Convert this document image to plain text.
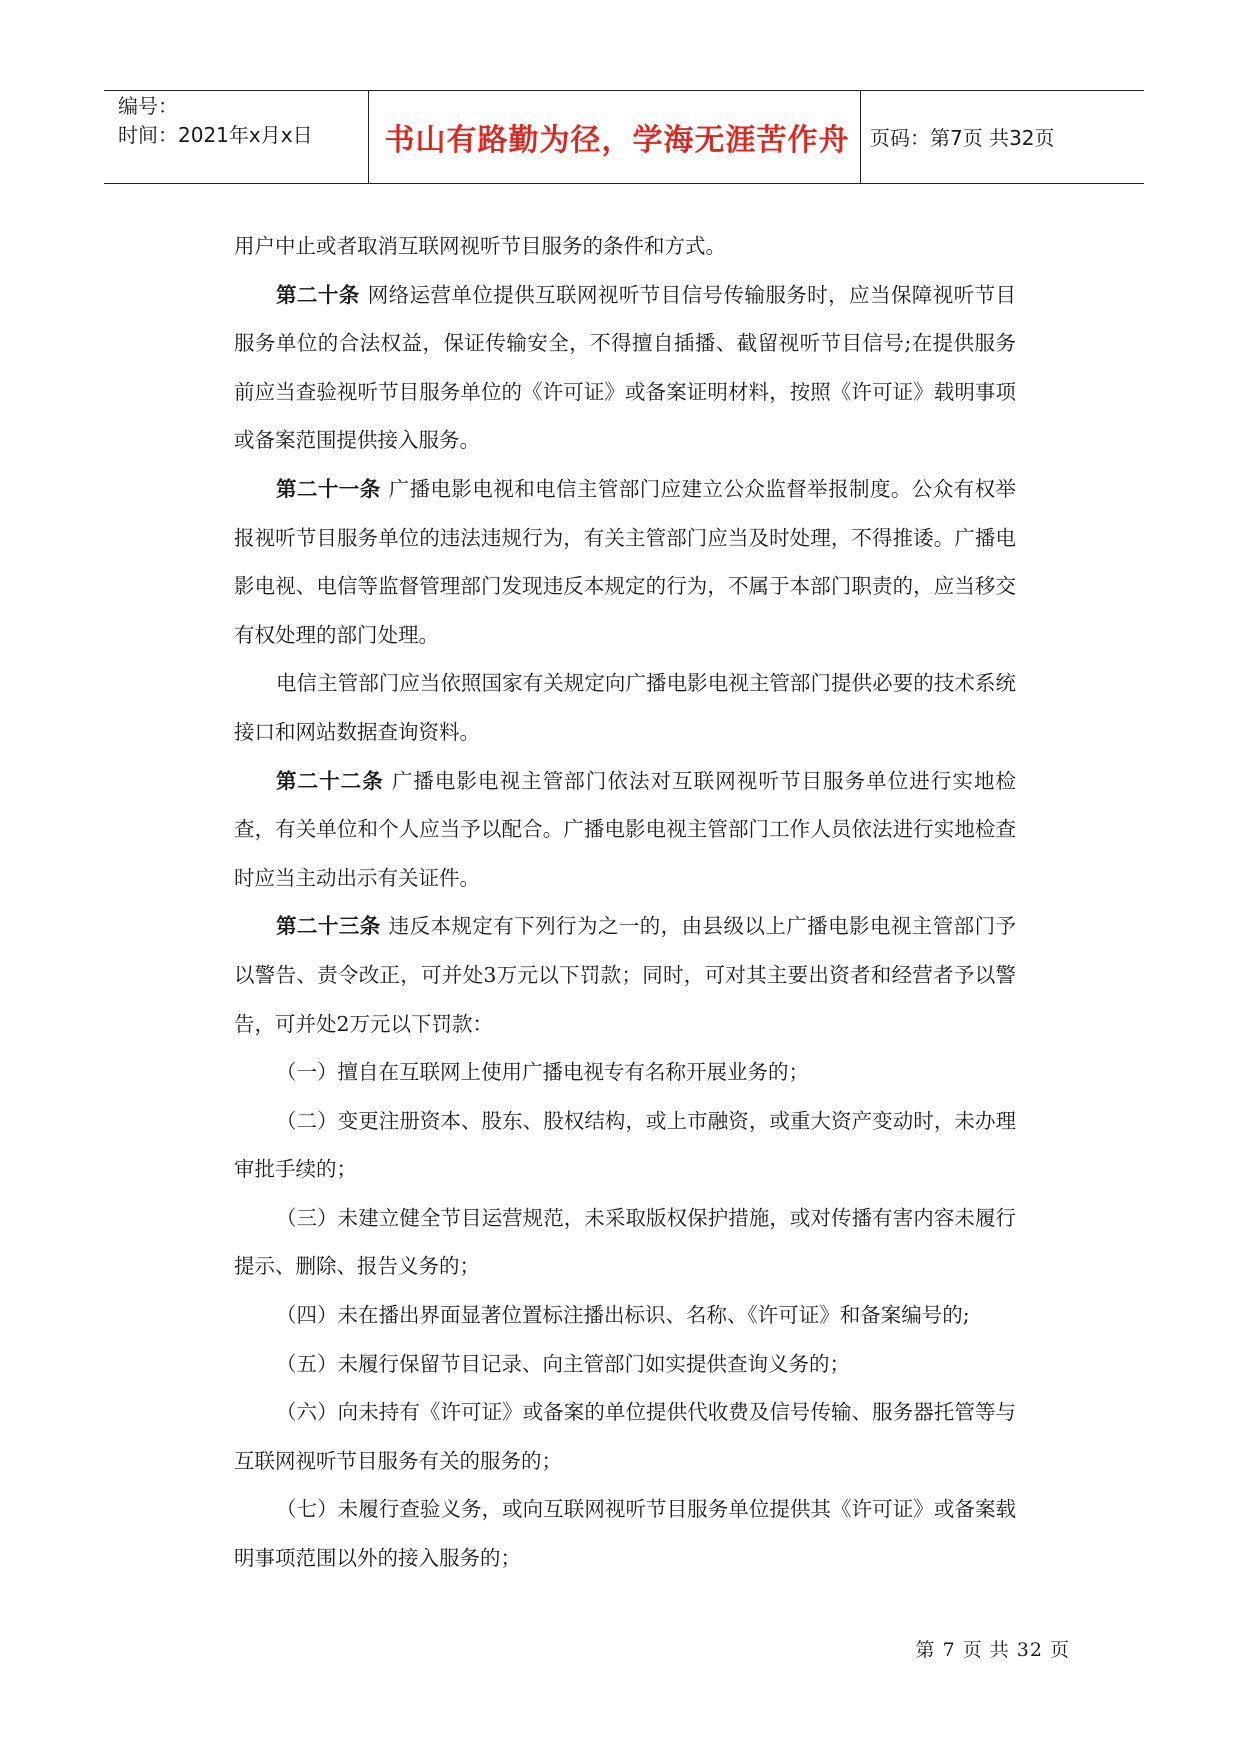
编号：
时间：2021年x月x日	书山有路勤为径，学海无涯苦作舟	页码：第7页 共32页

用户中止或者取消互联网视听节目服务的条件和方式。

第二十条 网络运营单位提供互联网视听节目信号传输服务时，应当保障视听节目服务单位的合法权益，保证传输安全，不得擅自插播、截留视听节目信号;在提供服务前应当查验视听节目服务单位的《许可证》或备案证明材料，按照《许可证》载明事项或备案范围提供接入服务。

第二十一条 广播电影电视和电信主管部门应建立公众监督举报制度。公众有权举报视听节目服务单位的违法违规行为，有关主管部门应当及时处理，不得推诿。广播电影电视、电信等监督管理部门发现违反本规定的行为，不属于本部门职责的，应当移交有权处理的部门处理。

电信主管部门应当依照国家有关规定向广播电影电视主管部门提供必要的技术系统接口和网站数据查询资料。

第二十二条 广播电影电视主管部门依法对互联网视听节目服务单位进行实地检查，有关单位和个人应当予以配合。广播电影电视主管部门工作人员依法进行实地检查时应当主动出示有关证件。

第二十三条 违反本规定有下列行为之一的，由县级以上广播电影电视主管部门予以警告、责令改正，可并处3万元以下罚款；同时，可对其主要出资者和经营者予以警告，可并处2万元以下罚款：

（一）擅自在互联网上使用广播电视专有名称开展业务的；

（二）变更注册资本、股东、股权结构，或上市融资，或重大资产变动时，未办理审批手续的；

（三）未建立健全节目运营规范，未采取版权保护措施，或对传播有害内容未履行提示、删除、报告义务的；

（四）未在播出界面显著位置标注播出标识、名称、《许可证》和备案编号的;

（五）未履行保留节目记录、向主管部门如实提供查询义务的；

（六）向未持有《许可证》或备案的单位提供代收费及信号传输、服务器托管等与互联网视听节目服务有关的服务的；

（七）未履行查验义务，或向互联网视听节目服务单位提供其《许可证》或备案载明事项范围以外的接入服务的；

第 7 页 共 32 页
